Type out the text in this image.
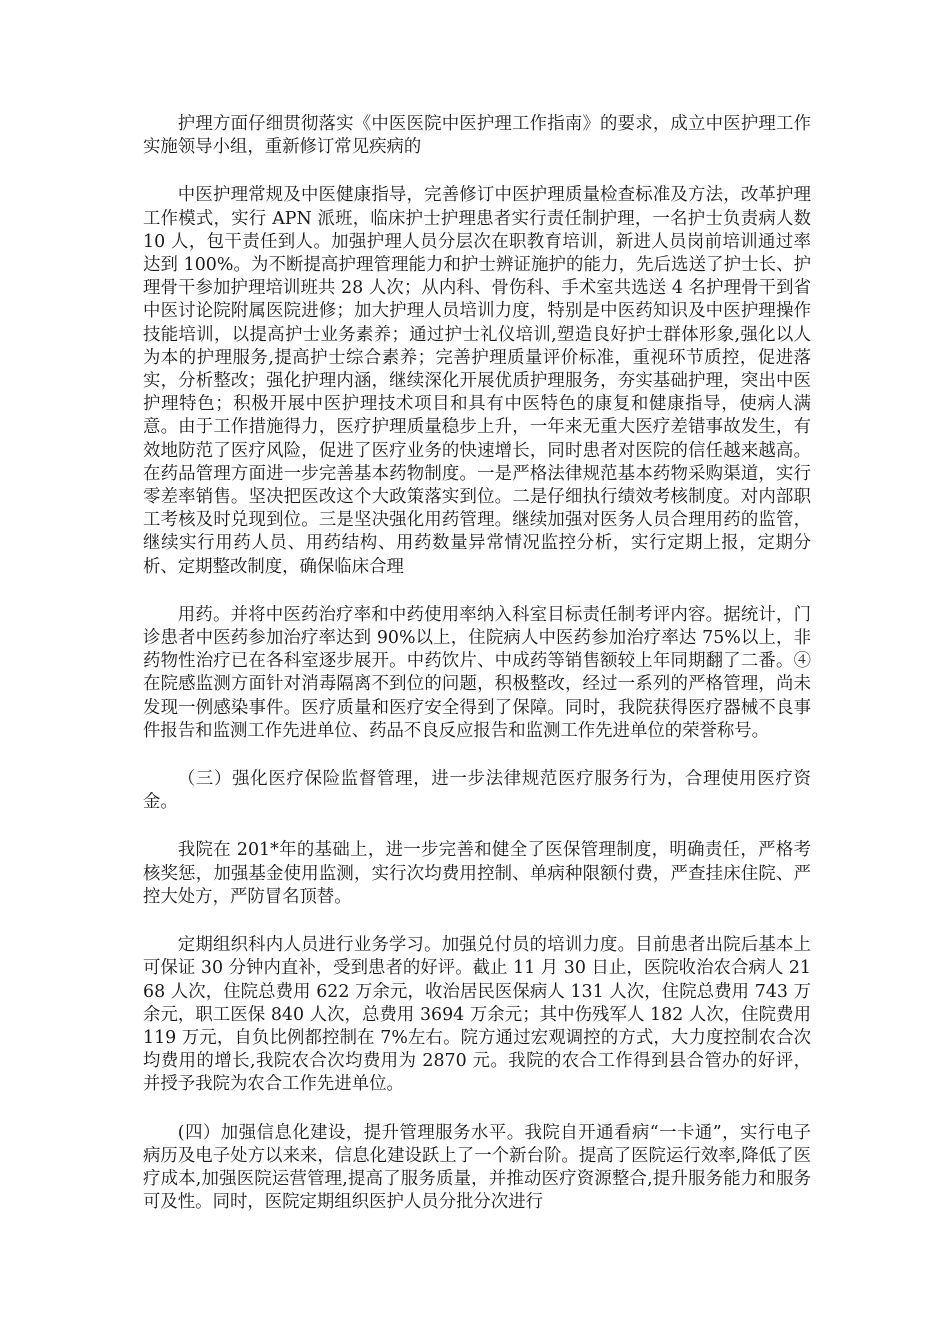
护理方面仔细贯彻落实《中医医院中医护理工作指南》的要求，成立中医护理工作实施领导小组，重新修订常见疾病的

中医护理常规及中医健康指导，完善修订中医护理质量检查标准及方法，改革护理工作模式，实行 APN 派班，临床护士护理患者实行责任制护理，一名护士负责病人数 10 人，包干责任到人。加强护理人员分层次在职教育培训，新进人员岗前培训通过率达到 100%。为不断提高护理管理能力和护士辨证施护的能力，先后选送了护士长、护理骨干参加护理培训班共 28 人次；从内科、骨伤科、手术室共选送 4 名护理骨干到省中医讨论院附属医院进修；加大护理人员培训力度，特别是中医药知识及中医护理操作技能培训，以提高护士业务素养；通过护士礼仪培训,塑造良好护士群体形象,强化以人为本的护理服务,提高护士综合素养；完善护理质量评价标准，重视环节质控，促进落实，分析整改；强化护理内涵，继续深化开展优质护理服务，夯实基础护理，突出中医护理特色；积极开展中医护理技术项目和具有中医特色的康复和健康指导，使病人满意。由于工作措施得力，医疗护理质量稳步上升，一年来无重大医疗差错事故发生，有效地防范了医疗风险，促进了医疗业务的快速增长，同时患者对医院的信任越来越高。在药品管理方面进一步完善基本药物制度。一是严格法律规范基本药物采购渠道，实行零差率销售。坚决把医改这个大政策落实到位。二是仔细执行绩效考核制度。对内部职工考核及时兑现到位。三是坚决强化用药管理。继续加强对医务人员合理用药的监管，继续实行用药人员、用药结构、用药数量异常情况监控分析，实行定期上报，定期分析、定期整改制度，确保临床合理

用药。并将中医药治疗率和中药使用率纳入科室目标责任制考评内容。据统计，门诊患者中医药参加治疗率达到 90%以上，住院病人中医药参加治疗率达 75%以上，非药物性治疗已在各科室逐步展开。中药饮片、中成药等销售额较上年同期翻了二番。④在院感监测方面针对消毒隔离不到位的问题，积极整改，经过一系列的严格管理，尚未发现一例感染事件。医疗质量和医疗安全得到了保障。同时，我院获得医疗器械不良事件报告和监测工作先进单位、药品不良反应报告和监测工作先进单位的荣誉称号。

（三）强化医疗保险监督管理，进一步法律规范医疗服务行为，合理使用医疗资金。

我院在 201*年的基础上，进一步完善和健全了医保管理制度，明确责任，严格考核奖惩，加强基金使用监测，实行次均费用控制、单病种限额付费，严查挂床住院、严控大处方，严防冒名顶替。

定期组织科内人员进行业务学习。加强兑付员的培训力度。目前患者出院后基本上可保证 30 分钟内直补，受到患者的好评。截止 11 月 30 日止，医院收治农合病人 2168 人次，住院总费用 622 万余元，收治居民医保病人 131 人次，住院总费用 743 万余元，职工医保 840 人次，总费用 3694 万余元；其中伤残军人 182 人次，住院费用 119 万元，自负比例都控制在 7%左右。院方通过宏观调控的方式，大力度控制农合次均费用的增长,我院农合次均费用为 2870 元。我院的农合工作得到县合管办的好评，并授予我院为农合工作先进单位。

(四）加强信息化建设，提升管理服务水平。我院自开通看病“一卡通”，实行电子病历及电子处方以来来，信息化建设跃上了一个新台阶。提高了医院运行效率,降低了医疗成本,加强医院运营管理,提高了服务质量，并推动医疗资源整合,提升服务能力和服务可及性。同时，医院定期组织医护人员分批分次进行
